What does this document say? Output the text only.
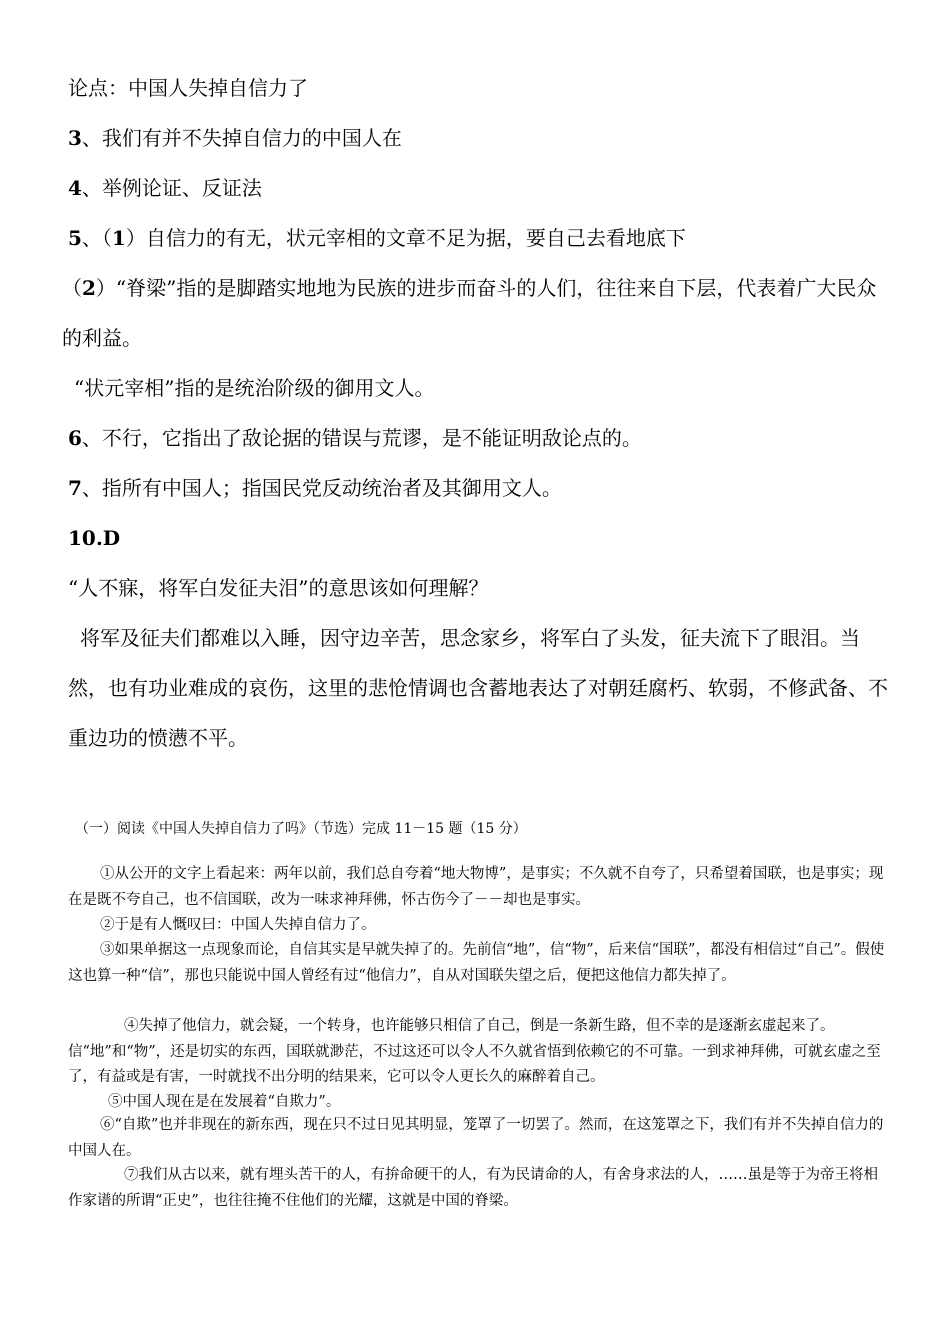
论点：中国人失掉自信力了
3、我们有并不失掉自信力的中国人在
4、举例论证、反证法
5、（1）自信力的有无，状元宰相的文章不足为据，要自己去看地底下
（2）“脊梁”指的是脚踏实地地为民族的进步而奋斗的人们，往往来自下层，代表着广大民众的利益。
“状元宰相”指的是统治阶级的御用文人。
6、不行，它指出了敌论据的错误与荒谬，是不能证明敌论点的。
7、指所有中国人；指国民党反动统治者及其御用文人。
10.D
“人不寐，将军白发征夫泪”的意思该如何理解？
将军及征夫们都难以入睡，因守边辛苦，思念家乡，将军白了头发，征夫流下了眼泪。当然，也有功业难成的哀伤，这里的悲怆情调也含蓄地表达了对朝廷腐朽、软弱，不修武备、不重边功的愤懑不平。
（一）阅读《中国人失掉自信力了吗》（节选）完成 11－15 题（15 分）
①从公开的文字上看起来：两年以前，我们总自夸着“地大物博”，是事实；不久就不自夸了，只希望着国联，也是事实；现在是既不夸自己，也不信国联，改为一味求神拜佛，怀古伤今了－－却也是事实。
②于是有人慨叹曰：中国人失掉自信力了。
③如果单据这一点现象而论，自信其实是早就失掉了的。先前信“地”，信“物”，后来信“国联”，都没有相信过“自己”。假使这也算一种“信”，那也只能说中国人曾经有过“他信力”，自从对国联失望之后，便把这他信力都失掉了。
④失掉了他信力，就会疑，一个转身，也许能够只相信了自己，倒是一条新生路，但不幸的是逐渐玄虚起来了。信“地”和“物”，还是切实的东西，国联就渺茫，不过这还可以令人不久就省悟到依赖它的不可靠。一到求神拜佛，可就玄虚之至了，有益或是有害，一时就找不出分明的结果来，它可以令人更长久的麻醉着自己。
⑤中国人现在是在发展着“自欺力”。
⑥“自欺”也并非现在的新东西，现在只不过日见其明显，笼罩了一切罢了。然而，在这笼罩之下，我们有并不失掉自信力的中国人在。
⑦我们从古以来，就有埋头苦干的人，有拚命硬干的人，有为民请命的人，有舍身求法的人，……虽是等于为帝王将相作家谱的所谓“正史”，也往往掩不住他们的光耀，这就是中国的脊梁。
